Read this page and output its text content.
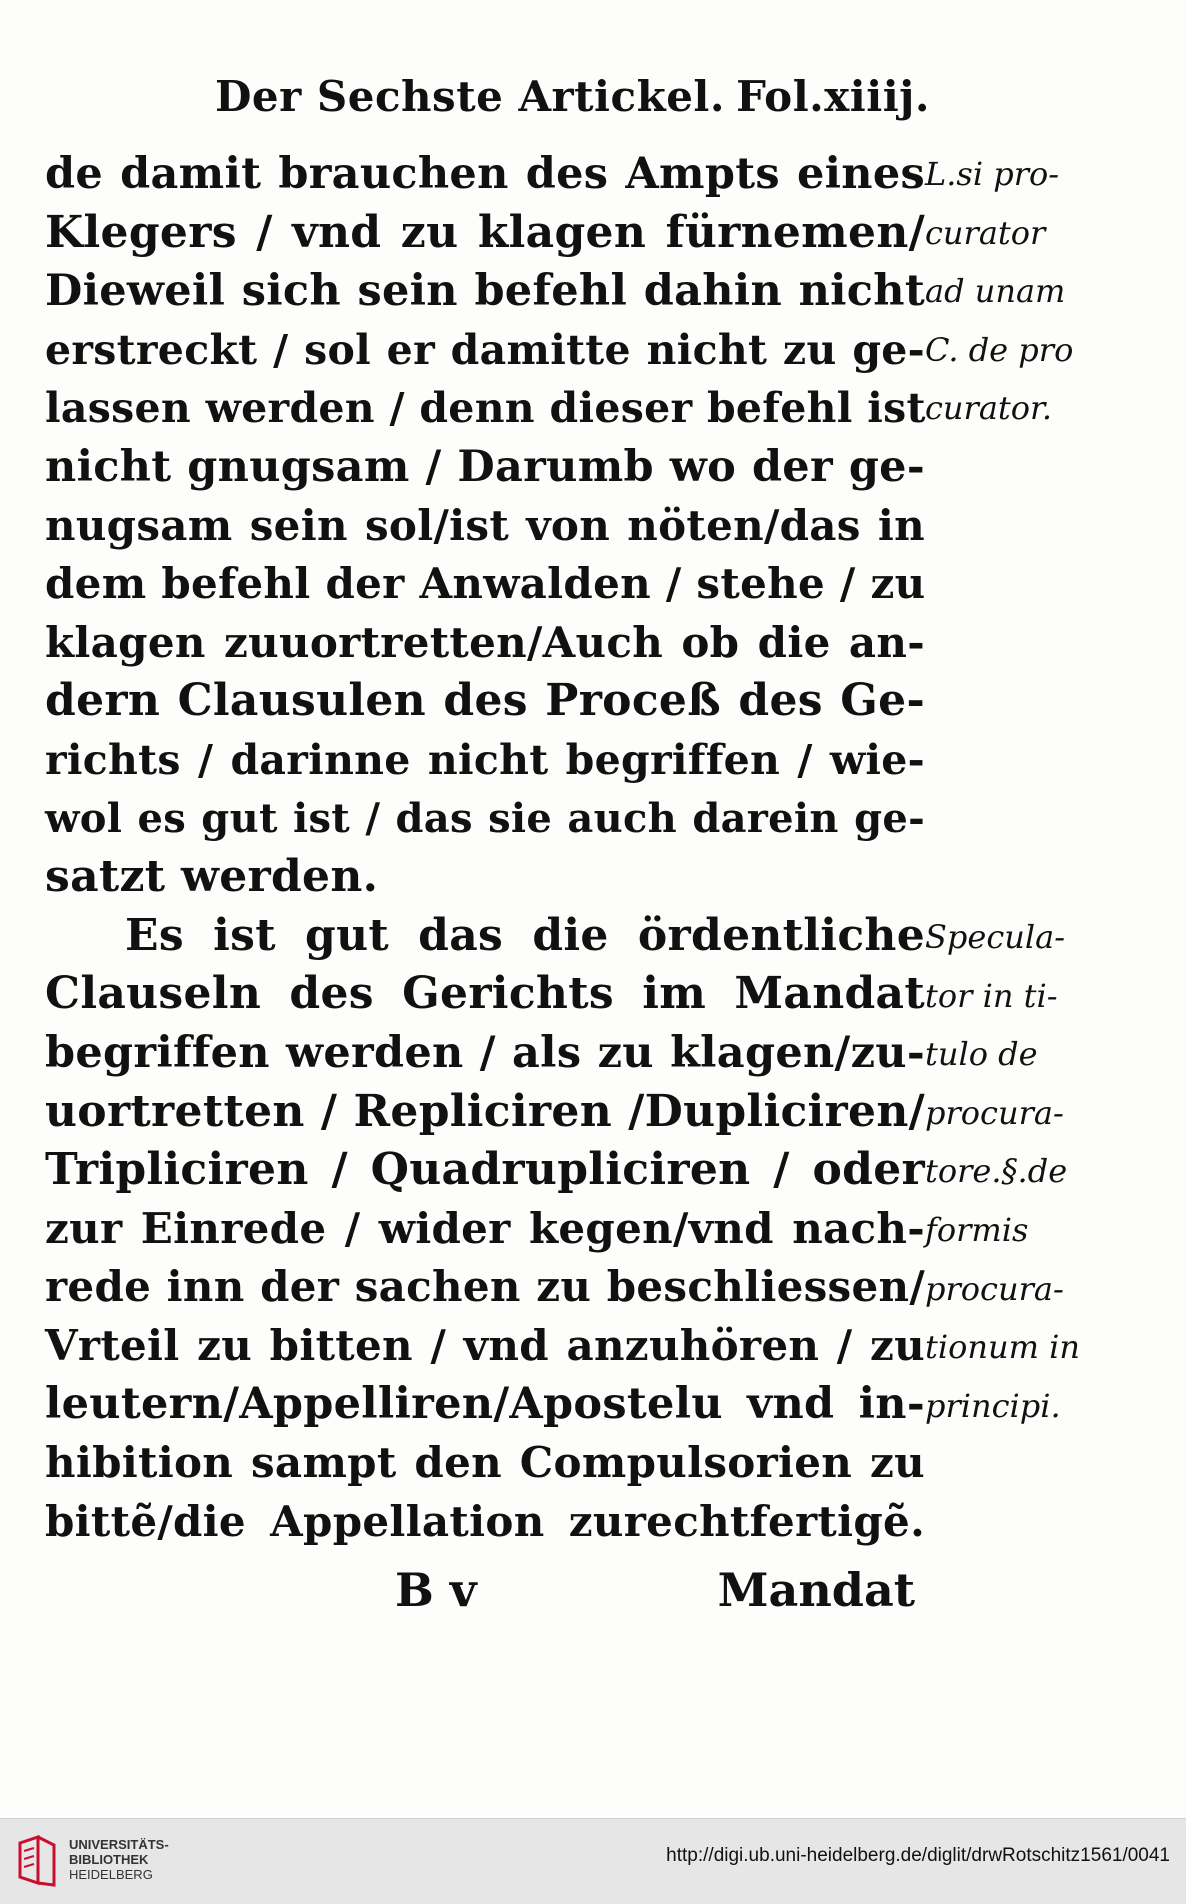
Der Sechste Artickel. Fol.xiiij.
de damit brauchen des Ampts eines
Klegers / vnd zu klagen fürnemen/
Dieweil sich sein befehl dahin nicht
erstreckt / sol er damitte nicht zu ge-
lassen werden / denn dieser befehl ist
nicht gnugsam / Darumb wo der ge-
nugsam sein sol/ist von nöten/das in
dem befehl der Anwalden / stehe / zu
klagen zuuortretten/Auch ob die an-
dern Clausulen des Proceß des Ge-
richts / darinne nicht begriffen / wie-
wol es gut ist / das sie auch darein ge-
satzt werden.
Es ist gut das die ördentliche
Clauseln des Gerichts im Mandat
begriffen werden / als zu klagen/zu-
uortretten / Repliciren /Dupliciren/
Tripliciren / Quadrupliciren / oder
zur Einrede / wider kegen/vnd nach-
rede inn der sachen zu beschliessen/
Vrteil zu bitten / vnd anzuhören / zu
leutern/Appelliren/Apostelu vnd in-
hibition sampt den Compulsorien zu
bittẽ/die Appellation zurechtfertigẽ.
B v	Mandat
L.si pro-
curator
ad unam
C. de pro
curator.
Specula-
tor in ti-
tulo de
procura-
tore.§.de
formis
procura-
tionum in
principi.
UNIVERSITÄTS-
BIBLIOTHEK
HEIDELBERG
http://digi.ub.uni-heidelberg.de/diglit/drwRotschitz1561/0041
